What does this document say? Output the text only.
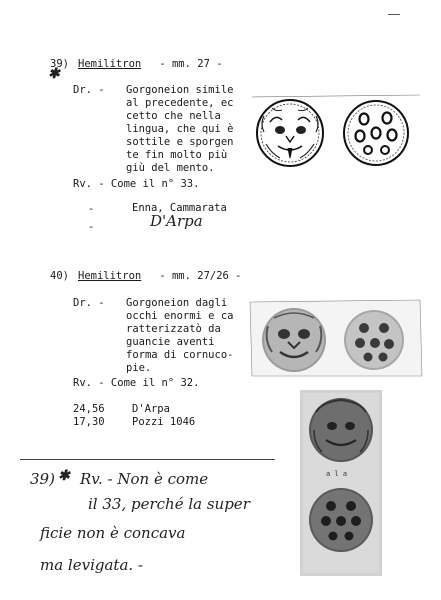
39) Hemilitron - mm. 27 -
✱
Dr. - Gorgoneion simile
al precedente, ec
cetto che nella
lingua, che qui è
sottile e sporgen
te fin molto più
giù del mento.
Rv. - Come il n° 33.
-	Enna, Cammarata
-	D'Arpa
40) Hemilitron - mm. 27/26 -
Dr. - Gorgoneion dagli
occhi enormi e ca
ratterizzatò da
guancie aventi
forma di cornuco-
pie.
Rv. - Come il n° 32.
24,56	D'Arpa
17,30	Pozzi 1046
a l a
39) ✱ Rv. - Non è come
il 33, perché la super
ficie non è concava
ma levigata. -
